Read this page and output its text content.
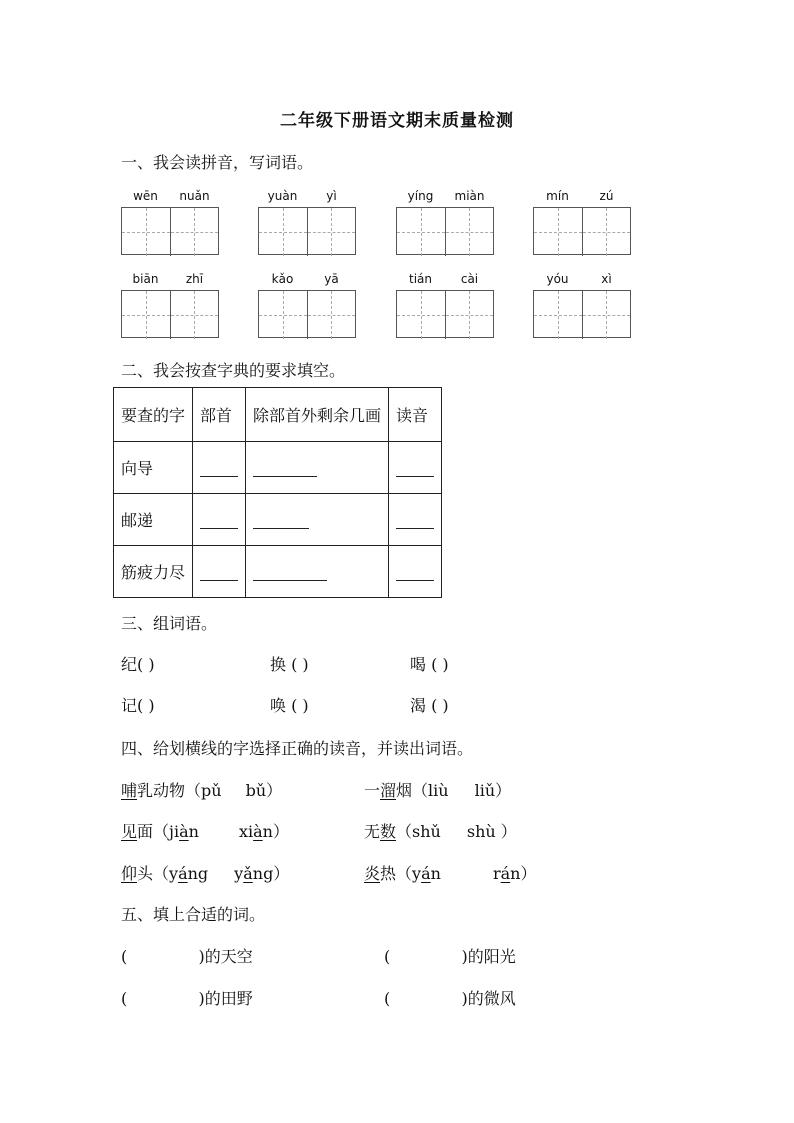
二年级下册语文期末质量检测
一、我会读拼音，写词语。
wēn	nuǎn	yuàn	yì	yíng	miàn	mín	zú
biān	zhī	kǎo	yā	tián	cài	yóu	xì
二、我会按查字典的要求填空。
要查的字	部首	除部首外剩余几画	读音
向导			
邮递			
筋疲力尽			
三、组词语。
纪( )	换 ( )	喝 ( )
记( )	唤 ( )	渴 ( )
四、给划横线的字选择正确的读音，并读出词语。
哺乳动物（pǔ bǔ）	一溜烟（liù liǔ）
见面（jiàn	xiàn）	无数（shǔ shù ）
仰头（yáng yǎng）	炎热（yán	rán）
五、填上合适的词。
(              )的天空	(              )的阳光
(              )的田野	(              )的微风
